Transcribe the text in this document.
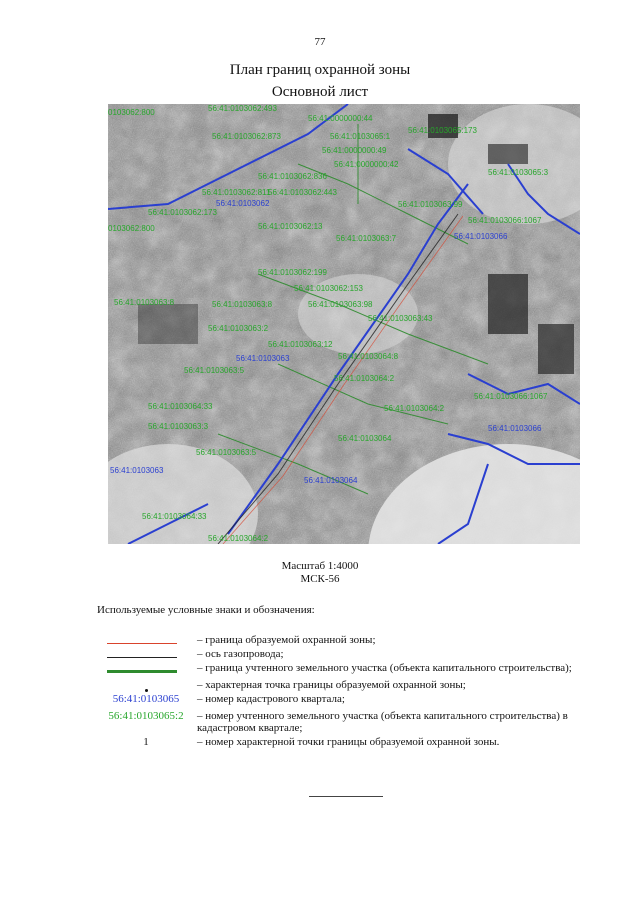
77
План границ охранной зоны
Основной лист
0103062:800	56:41:0103062:493
56:41:0000000:44
56:41:0103065:1
56:41:0103065:173
56:41:0103062:873
56:41:0000000:49
56:41:0000000:42
56:41:0103062:836
56:41:0103062:811
56:41:0103062:443
56:41:0103062
56:41:0103062:173
0103062:800	56:41:0103062:13
56:41:0103063:7
56:41:0103063:99
56:41:0103066
56:41:0103066:1067
56:41:0103065:3
56:41:0103062:199
56:41:0103062:153
56:41:0103063:8	56:41:0103063:8	56:41:0103063:98
56:41:0103063:43
56:41:0103063:2
56:41:0103063:12
56:41:0103063	56:41:0103064:8
56:41:0103063:5
56:41:0103064:2
56:41:0103064:33	56:41:0103064:2
56:41:0103063:3
56:41:0103063:5
56:41:0103063
56:41:0103064
56:41:0103064
56:41:0103066:1067
56:41:0103066
56:41:0103064:33
56:41:0103064:2
Масштаб 1:4000
МСК-56
Используемые условные знаки и обозначения:
– граница образуемой охранной зоны;
– ось газопровода;
– граница учтенного земельного участка (объекта капитального строительства);
– характерная точка границы образуемой охранной зоны;
56:41:0103065	– номер кадастрового квартала;
56:41:0103065:2	– номер учтенного земельного участка (объекта капитального строительства) в кадастровом квартале;
1	– номер характерной точки границы образуемой охранной зоны.
